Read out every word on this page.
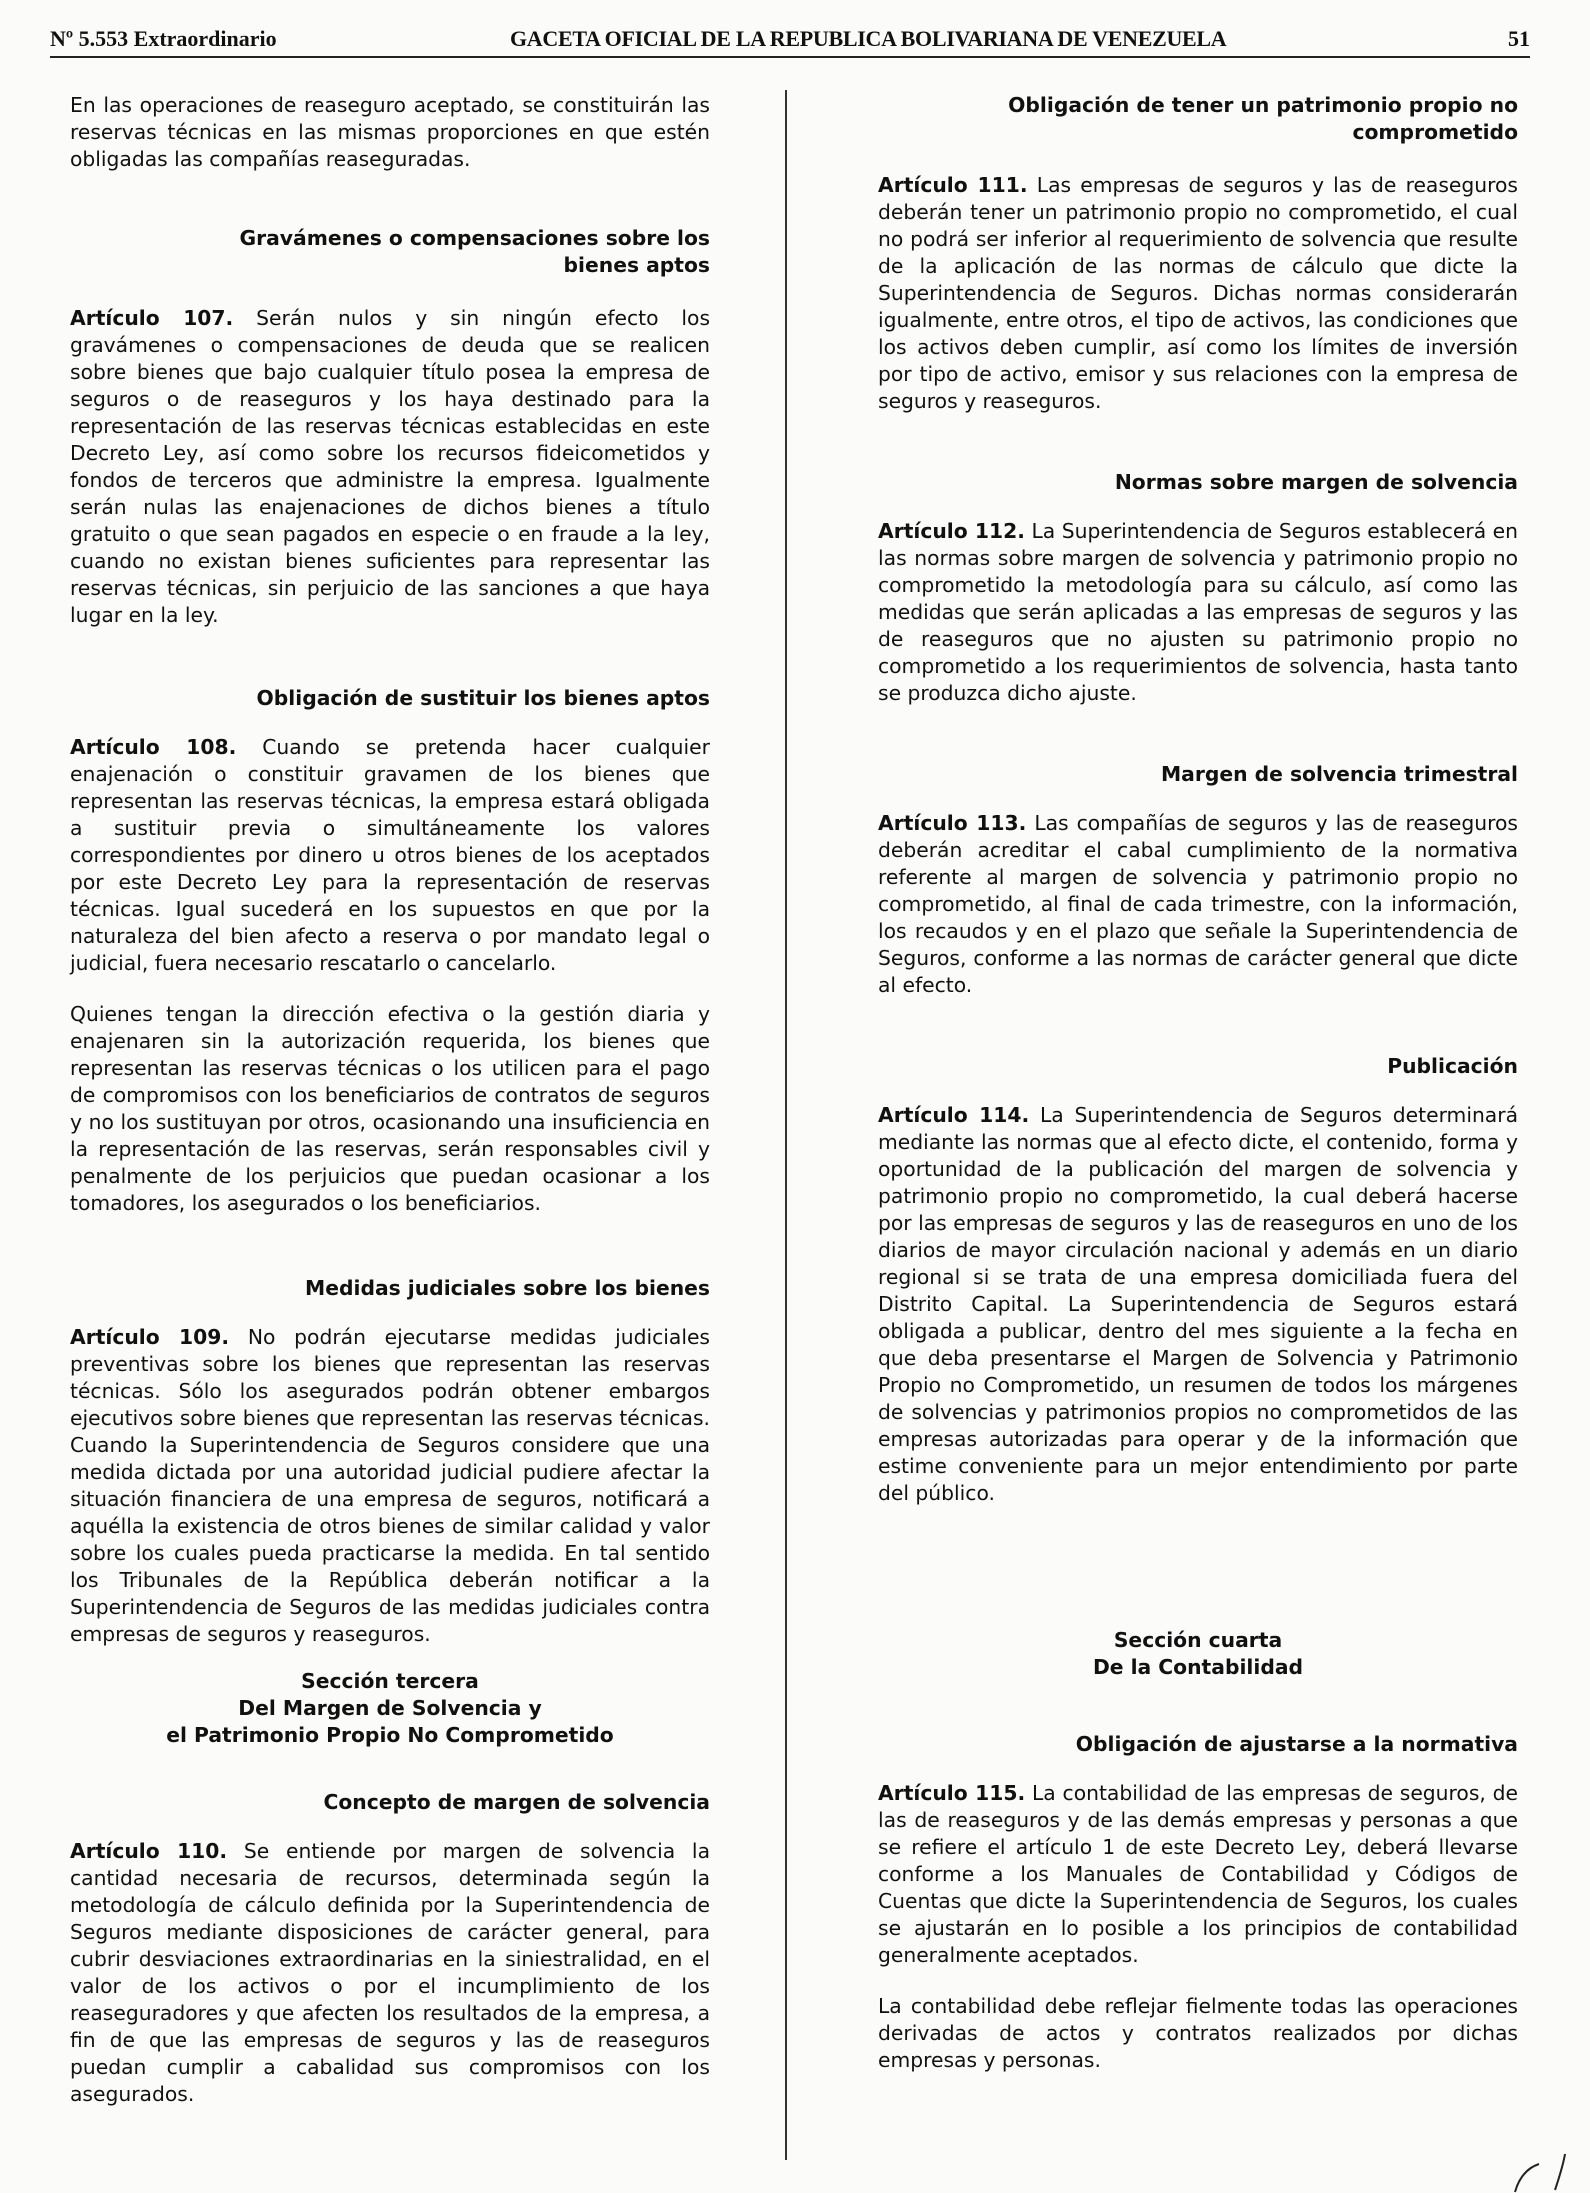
Nº 5.553 Extraordinario	GACETA OFICIAL DE LA REPUBLICA BOLIVARIANA DE VENEZUELA	51

En las operaciones de reaseguro aceptado, se constituirán las reservas técnicas en las mismas proporciones en que estén obligadas las compañías reaseguradas.

Gravámenes o compensaciones sobre los bienes aptos

Artículo 107. Serán nulos y sin ningún efecto los gravámenes o compensaciones de deuda que se realicen sobre bienes que bajo cualquier título posea la empresa de seguros o de reaseguros y los haya destinado para la representación de las reservas técnicas establecidas en este Decreto Ley, así como sobre los recursos fideicometidos y fondos de terceros que administre la empresa. Igualmente serán nulas las enajenaciones de dichos bienes a título gratuito o que sean pagados en especie o en fraude a la ley, cuando no existan bienes suficientes para representar las reservas técnicas, sin perjuicio de las sanciones a que haya lugar en la ley.

Obligación de sustituir los bienes aptos

Artículo 108. Cuando se pretenda hacer cualquier enajenación o constituir gravamen de los bienes que representan las reservas técnicas, la empresa estará obligada a sustituir previa o simultáneamente los valores correspondientes por dinero u otros bienes de los aceptados por este Decreto Ley para la representación de reservas técnicas. Igual sucederá en los supuestos en que por la naturaleza del bien afecto a reserva o por mandato legal o judicial, fuera necesario rescatarlo o cancelarlo.

Quienes tengan la dirección efectiva o la gestión diaria y enajenaren sin la autorización requerida, los bienes que representan las reservas técnicas o los utilicen para el pago de compromisos con los beneficiarios de contratos de seguros y no los sustituyan por otros, ocasionando una insuficiencia en la representación de las reservas, serán responsables civil y penalmente de los perjuicios que puedan ocasionar a los tomadores, los asegurados o los beneficiarios.

Medidas judiciales sobre los bienes

Artículo 109. No podrán ejecutarse medidas judiciales preventivas sobre los bienes que representan las reservas técnicas. Sólo los asegurados podrán obtener embargos ejecutivos sobre bienes que representan las reservas técnicas. Cuando la Superintendencia de Seguros considere que una medida dictada por una autoridad judicial pudiere afectar la situación financiera de una empresa de seguros, notificará a aquélla la existencia de otros bienes de similar calidad y valor sobre los cuales pueda practicarse la medida. En tal sentido los Tribunales de la República deberán notificar a la Superintendencia de Seguros de las medidas judiciales contra empresas de seguros y reaseguros.

Sección tercera

Del Margen de Solvencia y

el Patrimonio Propio No Comprometido

Concepto de margen de solvencia

Artículo 110. Se entiende por margen de solvencia la cantidad necesaria de recursos, determinada según la metodología de cálculo definida por la Superintendencia de Seguros mediante disposiciones de carácter general, para cubrir desviaciones extraordinarias en la siniestralidad, en el valor de los activos o por el incumplimiento de los reaseguradores y que afecten los resultados de la empresa, a fin de que las empresas de seguros y las de reaseguros puedan cumplir a cabalidad sus compromisos con los asegurados.

Obligación de tener un patrimonio propio no comprometido

Artículo 111. Las empresas de seguros y las de reaseguros deberán tener un patrimonio propio no comprometido, el cual no podrá ser inferior al requerimiento de solvencia que resulte de la aplicación de las normas de cálculo que dicte la Superintendencia de Seguros. Dichas normas considerarán igualmente, entre otros, el tipo de activos, las condiciones que los activos deben cumplir, así como los límites de inversión por tipo de activo, emisor y sus relaciones con la empresa de seguros y reaseguros.

Normas sobre margen de solvencia

Artículo 112. La Superintendencia de Seguros establecerá en las normas sobre margen de solvencia y patrimonio propio no comprometido la metodología para su cálculo, así como las medidas que serán aplicadas a las empresas de seguros y las de reaseguros que no ajusten su patrimonio propio no comprometido a los requerimientos de solvencia, hasta tanto se produzca dicho ajuste.

Margen de solvencia trimestral

Artículo 113. Las compañías de seguros y las de reaseguros deberán acreditar el cabal cumplimiento de la normativa referente al margen de solvencia y patrimonio propio no comprometido, al final de cada trimestre, con la información, los recaudos y en el plazo que señale la Superintendencia de Seguros, conforme a las normas de carácter general que dicte al efecto.

Publicación

Artículo 114. La Superintendencia de Seguros determinará mediante las normas que al efecto dicte, el contenido, forma y oportunidad de la publicación del margen de solvencia y patrimonio propio no comprometido, la cual deberá hacerse por las empresas de seguros y las de reaseguros en uno de los diarios de mayor circulación nacional y además en un diario regional si se trata de una empresa domiciliada fuera del Distrito Capital. La Superintendencia de Seguros estará obligada a publicar, dentro del mes siguiente a la fecha en que deba presentarse el Margen de Solvencia y Patrimonio Propio no Comprometido, un resumen de todos los márgenes de solvencias y patrimonios propios no comprometidos de las empresas autorizadas para operar y de la información que estime conveniente para un mejor entendimiento por parte del público.

Sección cuarta

De la Contabilidad

Obligación de ajustarse a la normativa

Artículo 115. La contabilidad de las empresas de seguros, de las de reaseguros y de las demás empresas y personas a que se refiere el artículo 1 de este Decreto Ley, deberá llevarse conforme a los Manuales de Contabilidad y Códigos de Cuentas que dicte la Superintendencia de Seguros, los cuales se ajustarán en lo posible a los principios de contabilidad generalmente aceptados.

La contabilidad debe reflejar fielmente todas las operaciones derivadas de actos y contratos realizados por dichas empresas y personas.
